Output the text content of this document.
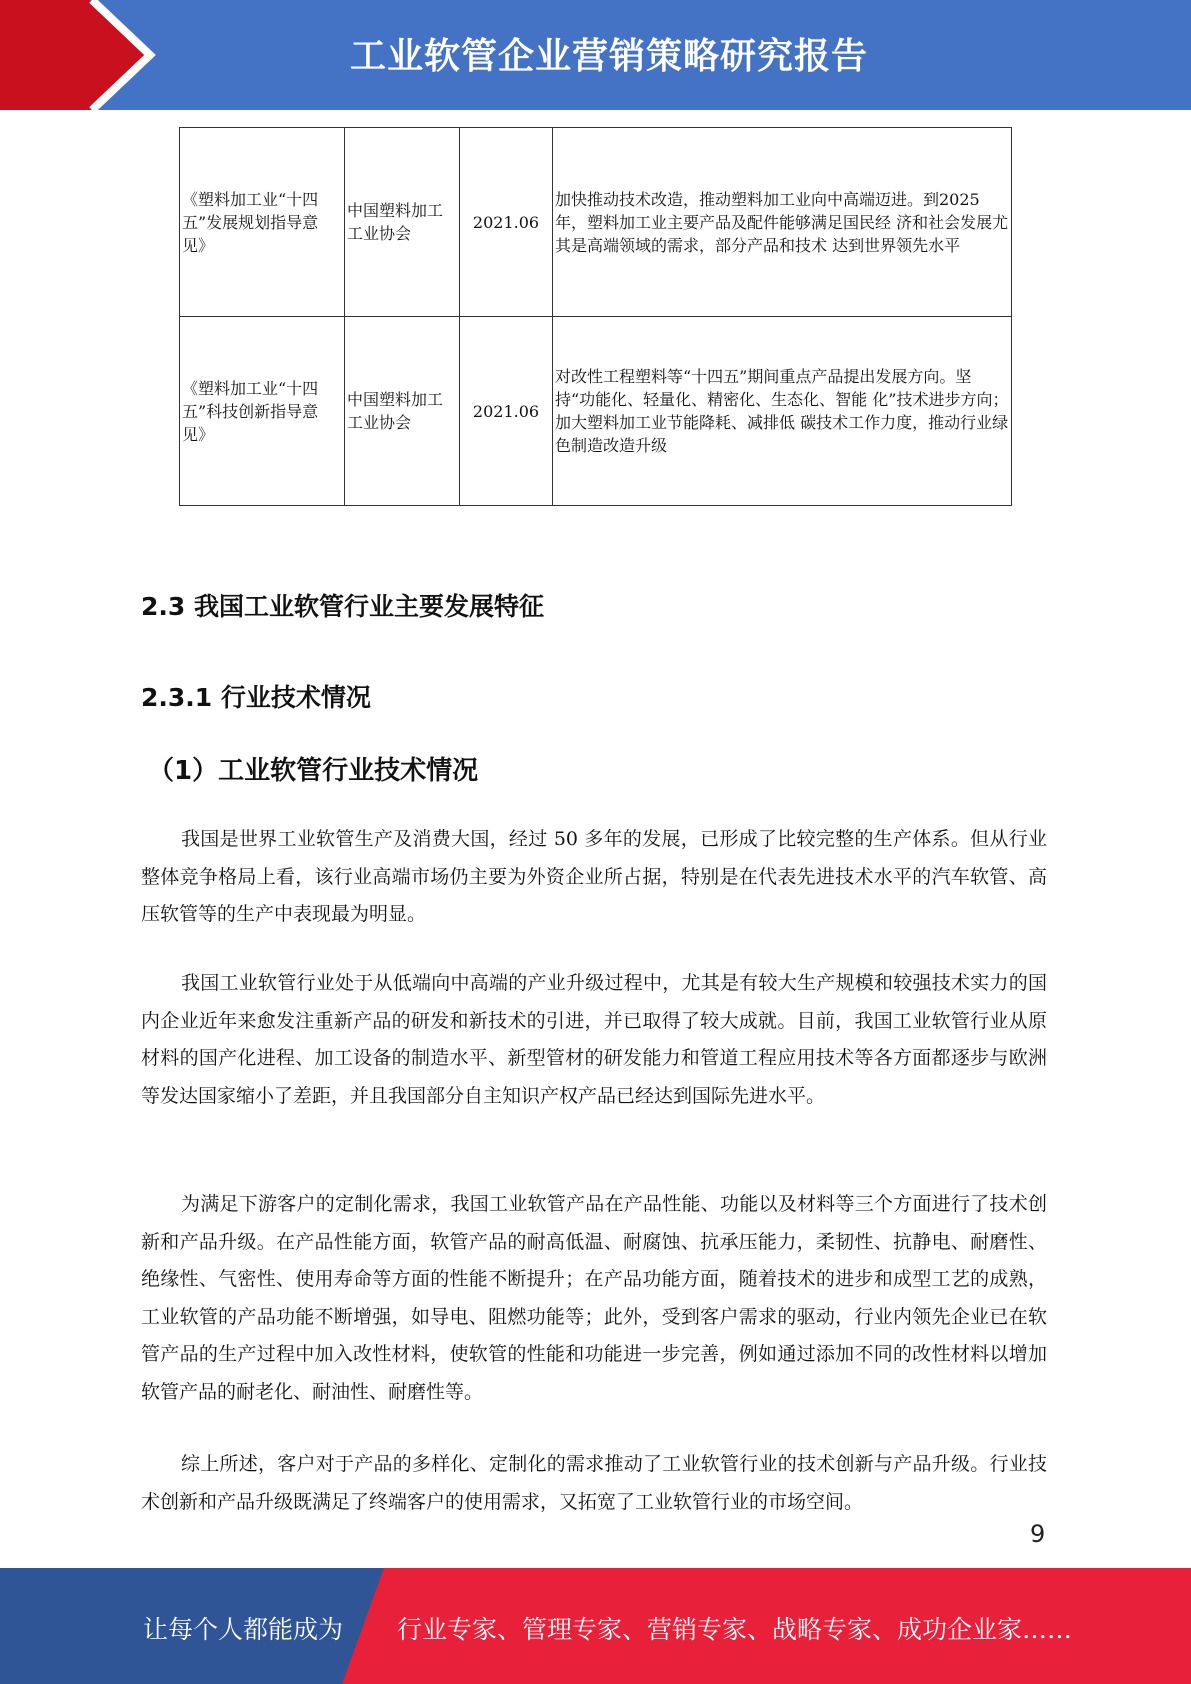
工业软管企业营销策略研究报告
《塑料加工业“十四五”发展规划指导意见》	中国塑料加工工业协会	2021.06	加快推动技术改造，推动塑料加工业向中高端迈进。到2025年，塑料加工业主要产品及配件能够满足国民经 济和社会发展尤其是高端领域的需求，部分产品和技术 达到世界领先水平
《塑料加工业“十四五”科技创新指导意见》	中国塑料加工工业协会	2021.06	对改性工程塑料等“十四五”期间重点产品提出发展方向。坚持“功能化、轻量化、精密化、生态化、智能 化”技术进步方向；加大塑料加工业节能降耗、减排低 碳技术工作力度，推动行业绿色制造改造升级
2.3 我国工业软管行业主要发展特征
2.3.1 行业技术情况
（1）工业软管行业技术情况

我国是世界工业软管生产及消费大国，经过 50 多年的发展，已形成了比较完整的生产体系。但从行业整体竞争格局上看，该行业高端市场仍主要为外资企业所占据，特别是在代表先进技术水平的汽车软管、高压软管等的生产中表现最为明显。

我国工业软管行业处于从低端向中高端的产业升级过程中，尤其是有较大生产规模和较强技术实力的国内企业近年来愈发注重新产品的研发和新技术的引进，并已取得了较大成就。目前，我国工业软管行业从原材料的国产化进程、加工设备的制造水平、新型管材的研发能力和管道工程应用技术等各方面都逐步与欧洲等发达国家缩小了差距，并且我国部分自主知识产权产品已经达到国际先进水平。

为满足下游客户的定制化需求，我国工业软管产品在产品性能、功能以及材料等三个方面进行了技术创新和产品升级。在产品性能方面，软管产品的耐高低温、耐腐蚀、抗承压能力，柔韧性、抗静电、耐磨性、绝缘性、气密性、使用寿命等方面的性能不断提升；在产品功能方面，随着技术的进步和成型工艺的成熟，工业软管的产品功能不断增强，如导电、阻燃功能等；此外，受到客户需求的驱动，行业内领先企业已在软管产品的生产过程中加入改性材料，使软管的性能和功能进一步完善，例如通过添加不同的改性材料以增加软管产品的耐老化、耐油性、耐磨性等。

综上所述，客户对于产品的多样化、定制化的需求推动了工业软管行业的技术创新与产品升级。行业技术创新和产品升级既满足了终端客户的使用需求，又拓宽了工业软管行业的市场空间。

9
让每个人都能成为 行业专家、管理专家、营销专家、战略专家、成功企业家……
